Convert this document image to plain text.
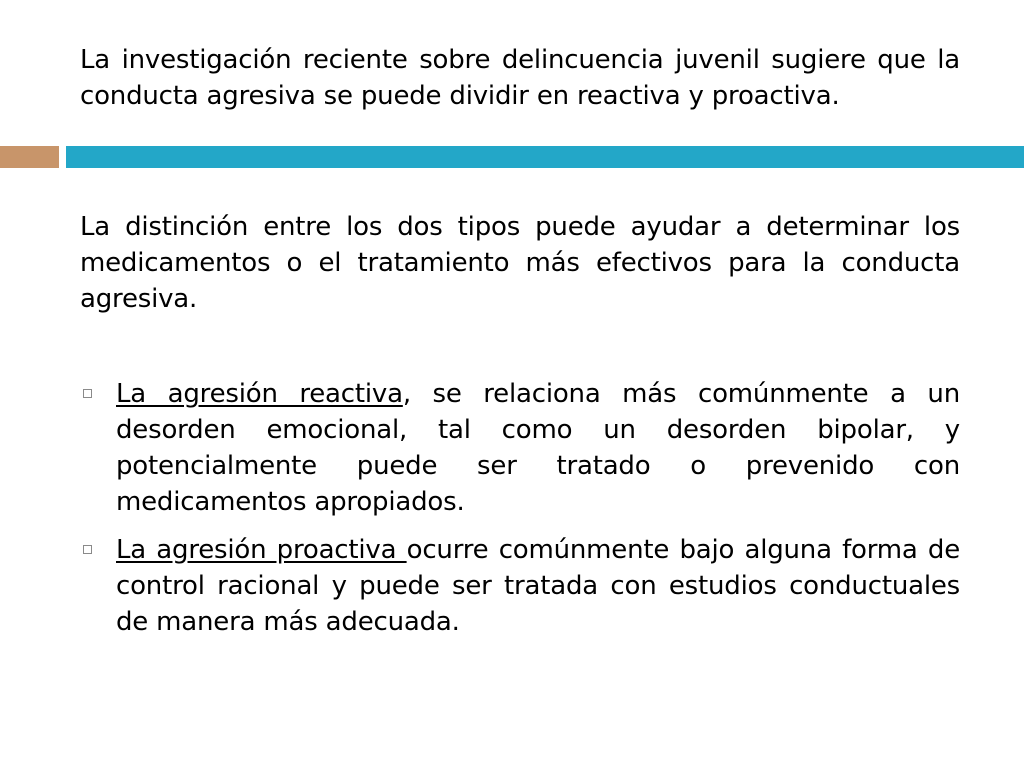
La investigación reciente sobre delincuencia juvenil sugiere que la conducta agresiva se puede dividir en reactiva y proactiva.
La distinción entre los dos tipos puede ayudar a determinar los medicamentos o el tratamiento más efectivos para la conducta agresiva.
La agresión reactiva, se relaciona más comúnmente a un desorden emocional, tal como un desorden bipolar, y potencialmente puede ser tratado o prevenido con medicamentos apropiados.
La agresión proactiva ocurre comúnmente bajo alguna forma de control racional y puede ser tratada con estudios conductuales de manera más adecuada.
